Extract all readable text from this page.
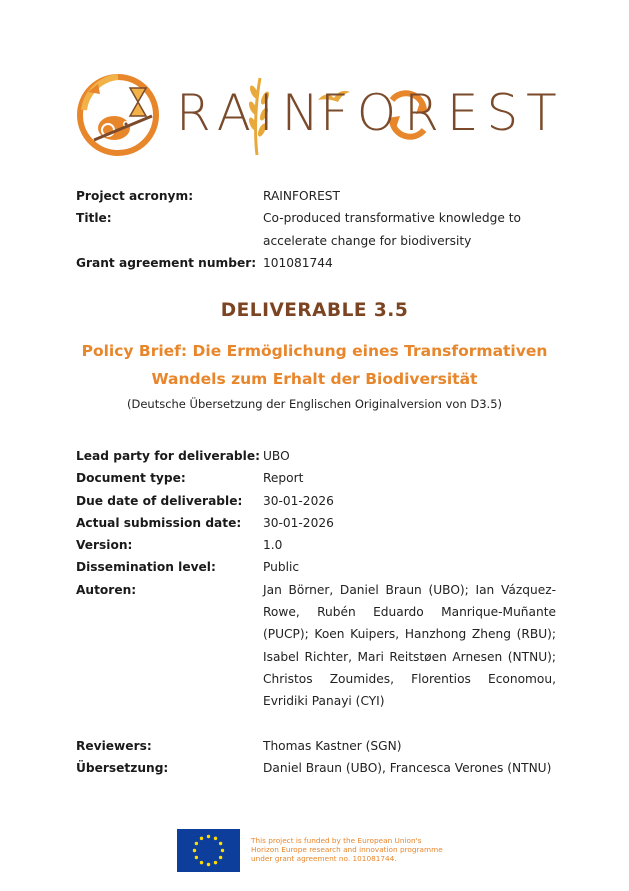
RAIN
FOREST
Project acronym:	RAINFOREST
Title:	Co-produced transformative knowledge to accelerate change for biodiversity
Grant agreement number:	101081744
DELIVERABLE 3.5
Policy Brief: Die Ermöglichung eines Transformativen
Wandels zum Erhalt der Biodiversität
(Deutsche Übersetzung der Englischen Originalversion von D3.5)
Lead party for deliverable:	UBO
Document type:	Report
Due date of deliverable:	30-01-2026
Actual submission date:	30-01-2026
Version:	1.0
Dissemination level:	Public
Autoren:	Jan Börner, Daniel Braun (UBO); Ian Vázquez-Rowe, Rubén Eduardo Manrique-Muñante (PUCP); Koen Kuipers, Hanzhong Zheng (RBU); Isabel Richter, Mari Reitstøen Arnesen (NTNU); Christos Zoumides, Florentios Economou, Evridiki Panayi (CYI)
Reviewers:	Thomas Kastner (SGN)
Übersetzung:	Daniel Braun (UBO), Francesca Verones (NTNU)
This project is funded by the European Union's
Horizon Europe research and innovation programme
under grant agreement no. 101081744.
